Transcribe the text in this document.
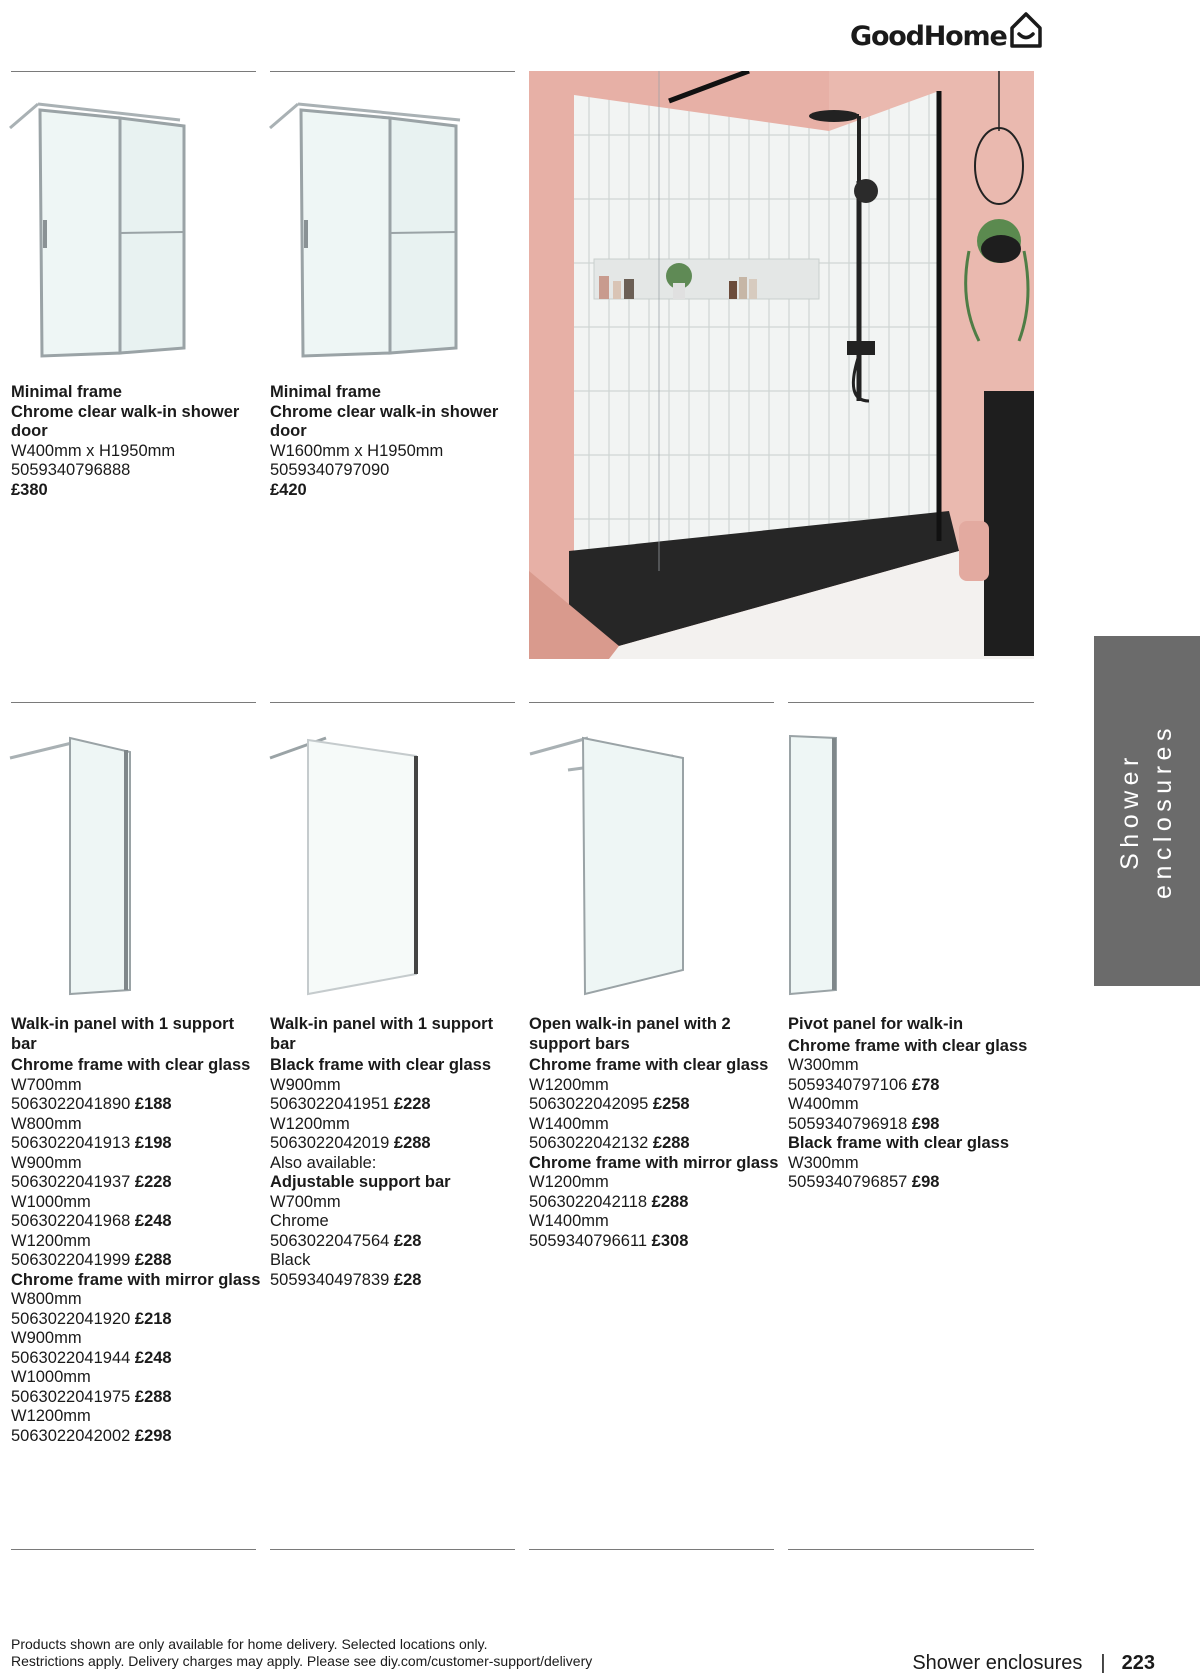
GoodHome
Minimal frame
Chrome clear walk-in shower door
W400mm x H1950mm
5059340796888
£380
Minimal frame
Chrome clear walk-in shower door
W1600mm x H1950mm
5059340797090
£420
Shower enclosures
Walk-in panel with 1 support bar
Chrome frame with clear glass
W700mm
5063022041890 £188
W800mm
5063022041913 £198
W900mm
5063022041937 £228
W1000mm
5063022041968 £248
W1200mm
5063022041999 £288
Chrome frame with mirror glass
W800mm
5063022041920 £218
W900mm
5063022041944 £248
W1000mm
5063022041975 £288
W1200mm
5063022042002 £298
Walk-in panel with 1 support bar
Black frame with clear glass
W900mm
5063022041951 £228
W1200mm
5063022042019 £288
Also available:
Adjustable support bar
W700mm
Chrome
5063022047564 £28
Black
5059340497839 £28
Open walk-in panel with 2 support bars
Chrome frame with clear glass
W1200mm
5063022042095 £258
W1400mm
5063022042132 £288
Chrome frame with mirror glass
W1200mm
5063022042118 £288
W1400mm
5059340796611 £308
Pivot panel for walk-in
Chrome frame with clear glass
W300mm
5059340797106 £78
W400mm
5059340796918 £98
Black frame with clear glass
W300mm
5059340796857 £98
Products shown are only available for home delivery. Selected locations only.
Restrictions apply. Delivery charges may apply. Please see diy.com/customer-support/delivery	Shower enclosures | 223
